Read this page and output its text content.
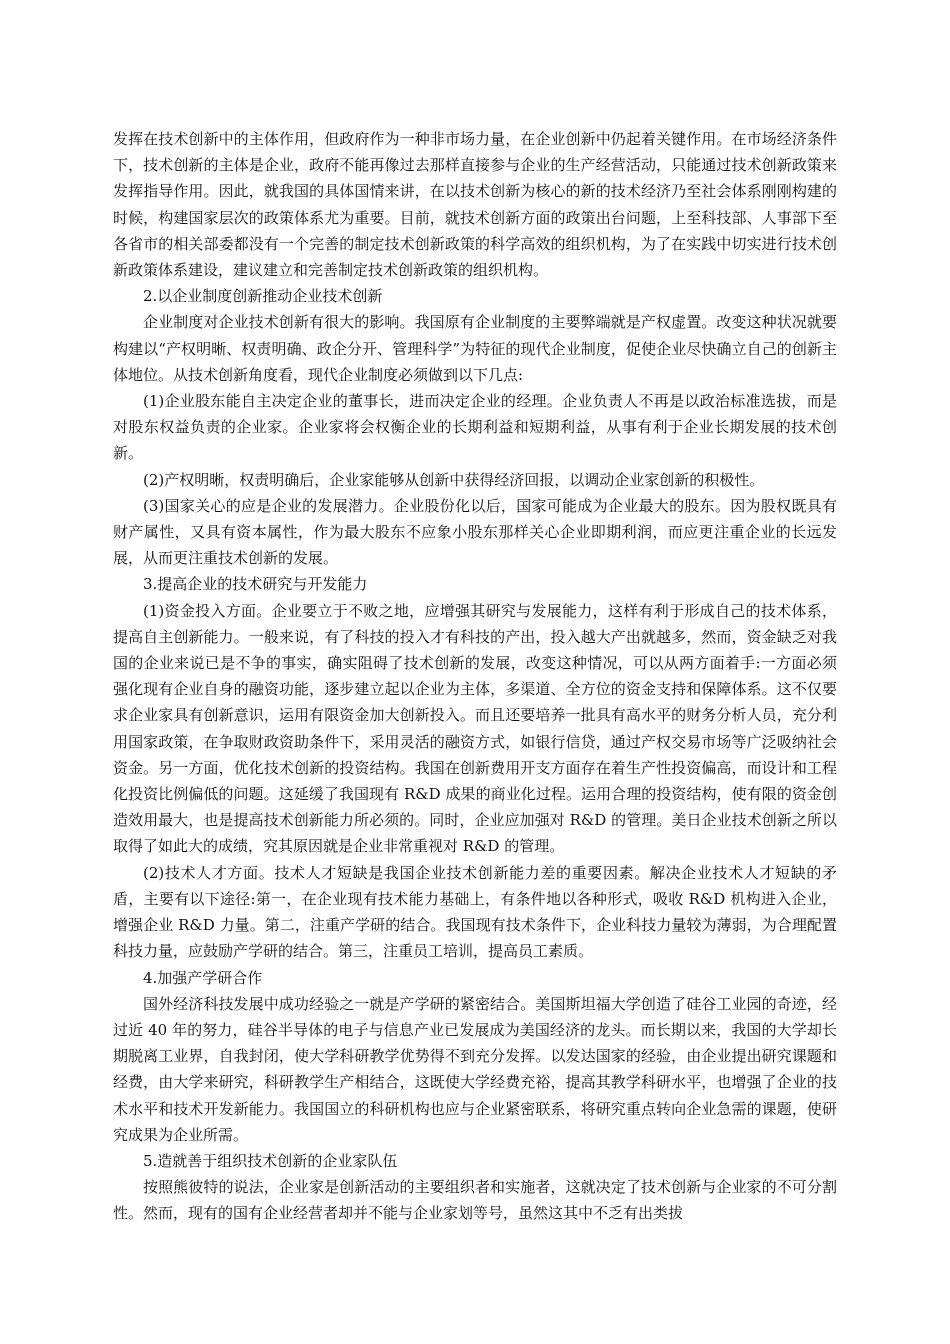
发挥在技术创新中的主体作用，但政府作为一种非市场力量，在企业创新中仍起着关键作用。在市场经济条件下，技术创新的主体是企业，政府不能再像过去那样直接参与企业的生产经营活动，只能通过技术创新政策来发挥指导作用。因此，就我国的具体国情来讲，在以技术创新为核心的新的技术经济乃至社会体系刚刚构建的时候，构建国家层次的政策体系尤为重要。目前，就技术创新方面的政策出台问题，上至科技部、人事部下至各省市的相关部委都没有一个完善的制定技术创新政策的科学高效的组织机构，为了在实践中切实进行技术创新政策体系建设，建议建立和完善制定技术创新政策的组织机构。

2.以企业制度创新推动企业技术创新

企业制度对企业技术创新有很大的影响。我国原有企业制度的主要弊端就是产权虚置。改变这种状况就要构建以“产权明晰、权责明确、政企分开、管理科学”为特征的现代企业制度，促使企业尽快确立自己的创新主体地位。从技术创新角度看，现代企业制度必须做到以下几点:

(1)企业股东能自主决定企业的董事长，进而决定企业的经理。企业负责人不再是以政治标准选拔，而是对股东权益负责的企业家。企业家将会权衡企业的长期利益和短期利益，从事有利于企业长期发展的技术创新。

(2)产权明晰，权责明确后，企业家能够从创新中获得经济回报，以调动企业家创新的积极性。

(3)国家关心的应是企业的发展潜力。企业股份化以后，国家可能成为企业最大的股东。因为股权既具有财产属性，又具有资本属性，作为最大股东不应象小股东那样关心企业即期利润，而应更注重企业的长远发展，从而更注重技术创新的发展。

3.提高企业的技术研究与开发能力

(1)资金投入方面。企业要立于不败之地，应增强其研究与发展能力，这样有利于形成自己的技术体系，提高自主创新能力。一般来说，有了科技的投入才有科技的产出，投入越大产出就越多，然而，资金缺乏对我国的企业来说已是不争的事实，确实阻碍了技术创新的发展，改变这种情况，可以从两方面着手:一方面必须强化现有企业自身的融资功能，逐步建立起以企业为主体，多渠道、全方位的资金支持和保障体系。这不仅要求企业家具有创新意识，运用有限资金加大创新投入。而且还要培养一批具有高水平的财务分析人员，充分利用国家政策，在争取财政资助条件下，采用灵活的融资方式，如银行信贷，通过产权交易市场等广泛吸纳社会资金。另一方面，优化技术创新的投资结构。我国在创新费用开支方面存在着生产性投资偏高，而设计和工程化投资比例偏低的问题。这延缓了我国现有 R&D 成果的商业化过程。运用合理的投资结构，使有限的资金创造效用最大，也是提高技术创新能力所必须的。同时，企业应加强对 R&D 的管理。美日企业技术创新之所以取得了如此大的成绩，究其原因就是企业非常重视对 R&D 的管理。

(2)技术人才方面。技术人才短缺是我国企业技术创新能力差的重要因素。解决企业技术人才短缺的矛盾，主要有以下途径:第一，在企业现有技术能力基础上，有条件地以各种形式，吸收 R&D 机构进入企业，增强企业 R&D 力量。第二，注重产学研的结合。我国现有技术条件下，企业科技力量较为薄弱，为合理配置科技力量，应鼓励产学研的结合。第三，注重员工培训，提高员工素质。

4.加强产学研合作

国外经济科技发展中成功经验之一就是产学研的紧密结合。美国斯坦福大学创造了硅谷工业园的奇迹，经过近 40 年的努力，硅谷半导体的电子与信息产业已发展成为美国经济的龙头。而长期以来，我国的大学却长期脱离工业界，自我封闭，使大学科研教学优势得不到充分发挥。以发达国家的经验，由企业提出研究课题和经费，由大学来研究，科研教学生产相结合，这既使大学经费充裕，提高其教学科研水平，也增强了企业的技术水平和技术开发新能力。我国国立的科研机构也应与企业紧密联系，将研究重点转向企业急需的课题，使研究成果为企业所需。

5.造就善于组织技术创新的企业家队伍

按照熊彼特的说法，企业家是创新活动的主要组织者和实施者，这就决定了技术创新与企业家的不可分割性。然而，现有的国有企业经营者却并不能与企业家划等号，虽然这其中不乏有出类拔
